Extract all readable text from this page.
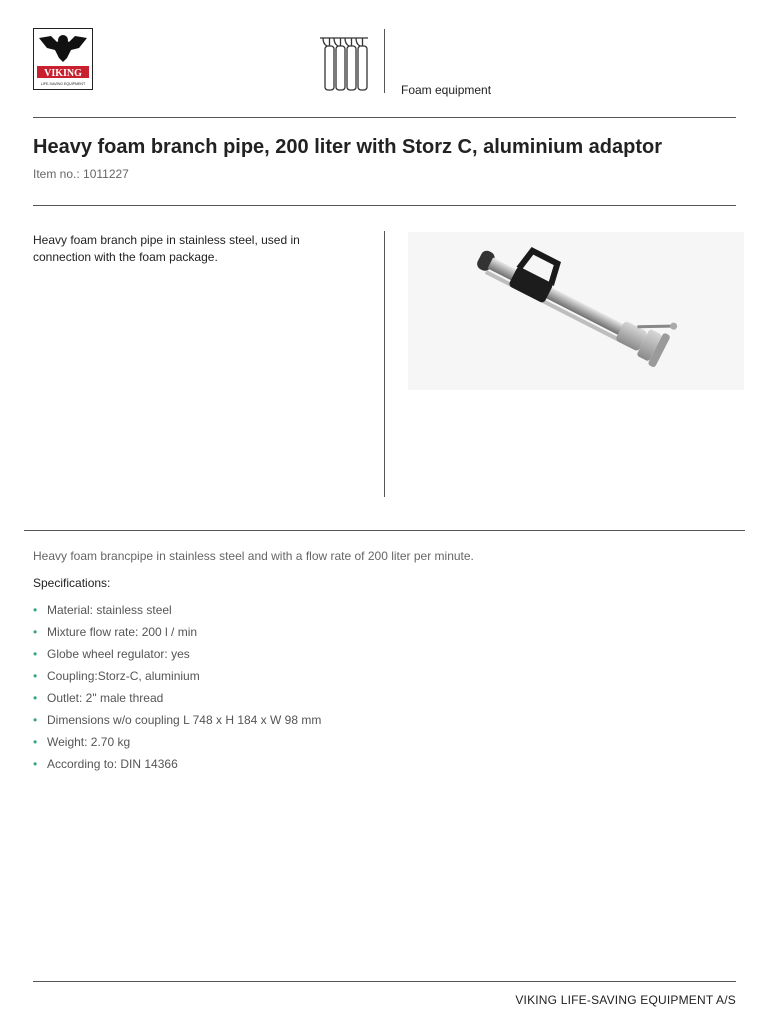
VIKING
LIFE-SAVING EQUIPMENT	Foam equipment
Heavy foam branch pipe, 200 liter with Storz C, aluminium adaptor
Item no.: 1011227
Heavy foam branch pipe in stainless steel, used in connection with the foam package.
Heavy foam brancpipe in stainless steel and with a flow rate of 200 liter per minute.
Specifications:
• Material: stainless steel
• Mixture flow rate: 200 l / min
• Globe wheel regulator: yes
• Coupling:Storz-C, aluminium
• Outlet: 2" male thread
• Dimensions w/o coupling L 748 x H 184 x W 98 mm
• Weight: 2.70 kg
• According to: DIN 14366
VIKING LIFE-SAVING EQUIPMENT A/S
